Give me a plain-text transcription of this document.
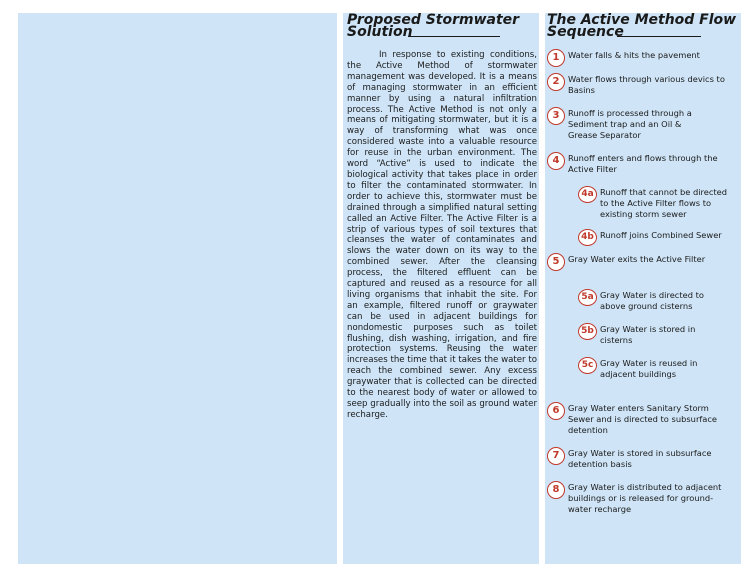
Proposed Stormwater
Solution

In response to existing conditions, the Active Method of stormwater management was developed. It is a means of managing stormwater in an efficient manner by using a natural infiltration process. The Active Method is not only a means of mitigating stormwater, but it is a way of transforming what was once considered waste into a valuable resource for reuse in the urban environment. The word “Active” is used to indicate the biological activity that takes place in order to filter the contaminated stormwater. In order to achieve this, stormwater must be drained through a simplified natural setting called an Active Filter. The Active Filter is a strip of various types of soil textures that cleanses the water of contaminates and slows the water down on its way to the combined sewer. After the cleansing process, the filtered effluent can be captured and reused as a resource for all living organisms that inhabit the site. For an example, filtered runoff or graywater can be used in adjacent buildings for nondomestic purposes such as toilet flushing, dish washing, irrigation, and fire protection systems. Reusing the water increases the time that it takes the water to reach the combined sewer. Any excess graywater that is collected can be directed to the nearest body of water or allowed to seep gradually into the soil as ground water recharge.

The Active Method Flow
Sequence
1	Water falls & hits the pavement
2	Water flows through various devics to Basins
3	Runoff is processed through a Sediment trap and an Oil & Grease Separator
4	Runoff enters and flows through the Active Filter
4a Runoff that cannot be directed to the Active Filter flows to existing storm sewer
4b Runoff joins Combined Sewer
5	Gray Water exits the Active Filter
5a Gray Water is directed to above ground cisterns
5b Gray Water is stored in cisterns
5c Gray Water is reused in adjacent buildings
6	Gray Water enters Sanitary Storm Sewer and is directed to subsurface detention
7	Gray Water is stored in subsurface detention basis
8	Gray Water is distributed to adjacent buildings or is released for ground-water recharge
